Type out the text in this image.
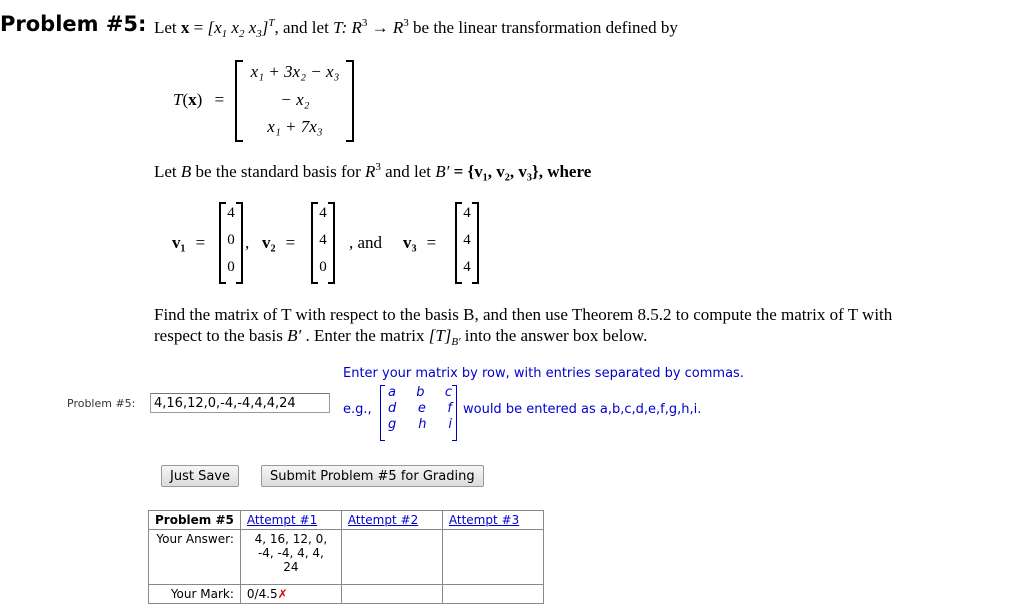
Problem #5: Let $x = [x_1$ $x_2$ $x_3]^T$, and let T: $R^3 \to R^3$ be the linear transformation defined by
T(x) =
x₁ + 3x₂ − x₃
− x₂
x₁ + 7x₃
Let B be the standard basis for $R^3$ and let B′ = {v₁, v₂, v₃}, where
v₁ =
4
0
0
, v₂ =
4
4
0
, and v₃ =
4
4
4
Find the matrix of T with respect to the basis B, and then use Theorem 8.5.2 to compute the matrix of T with
respect to the basis B′ . Enter the matrix $[T]_{B'}$ into the answer box below.
Enter your matrix by row, with entries separated by commas.
e.g.,
a b c
d e f
g h i
would be entered as a,b,c,d,e,f,g,h,i.
Problem #5:
4,16,12,0,-4,-4,4,4,24
Just Save	Submit Problem #5 for Grading
Problem #5	Attempt #1	Attempt #2	Attempt #3
Your Answer:	4, 16, 12, 0,
-4, -4, 4, 4,
24		

Your Mark:	0/4.5✗		
